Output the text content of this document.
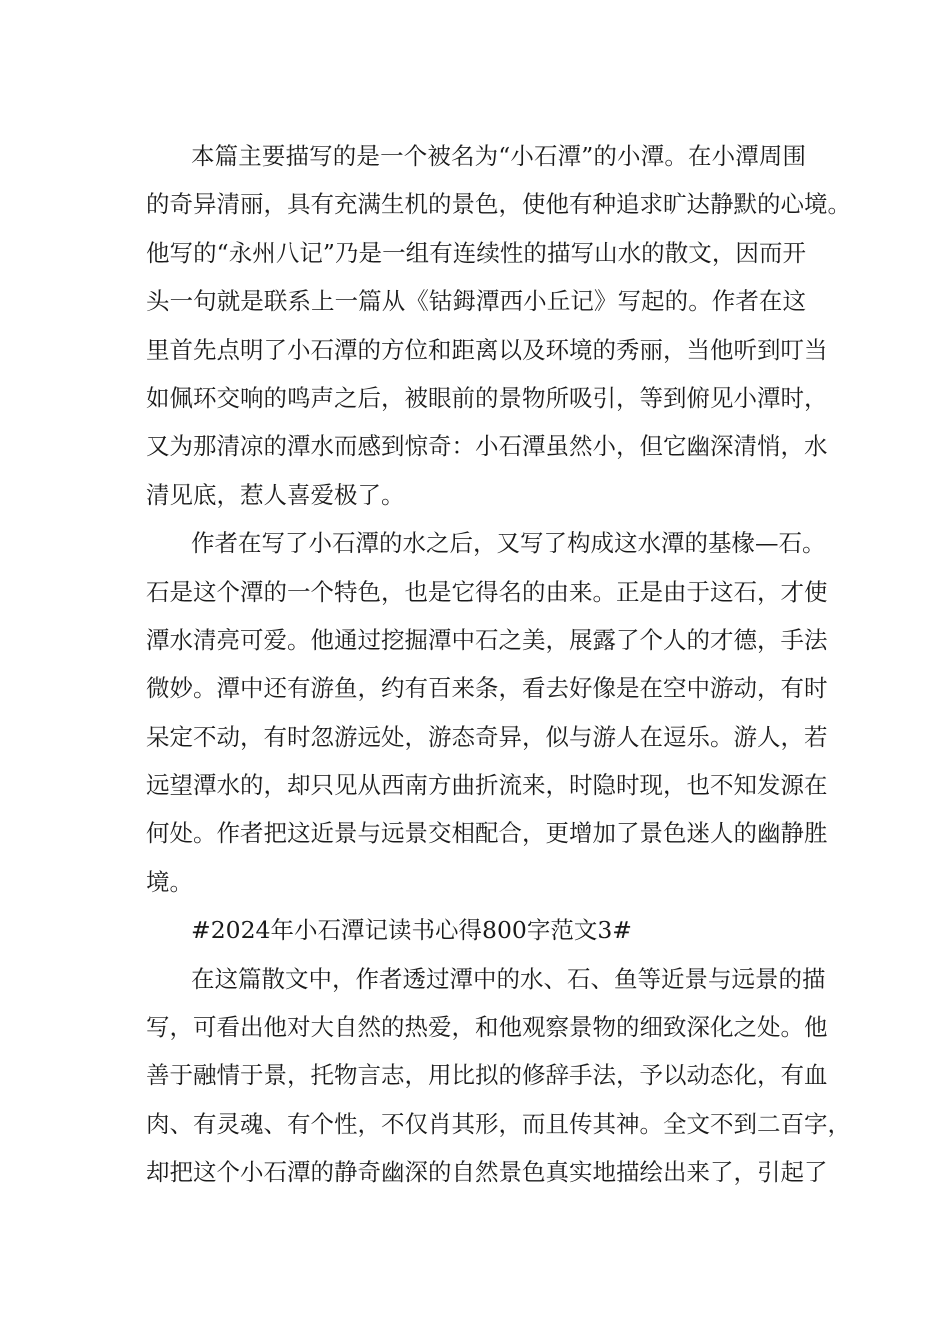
本篇主要描写的是一个被名为“小石潭”的小潭。在小潭周围
的奇异清丽，具有充满生机的景色，使他有种追求旷达静默的心境。
他写的“永州八记”乃是一组有连续性的描写山水的散文，因而开
头一句就是联系上一篇从《钴鉧潭西小丘记》写起的。作者在这
里首先点明了小石潭的方位和距离以及环境的秀丽，当他听到叮当
如佩环交响的鸣声之后，被眼前的景物所吸引，等到俯见小潭时，
又为那清凉的潭水而感到惊奇：小石潭虽然小，但它幽深清悄，水
清见底，惹人喜爱极了。
作者在写了小石潭的水之后，又写了构成这水潭的基椽—石。
石是这个潭的一个特色，也是它得名的由来。正是由于这石，才使
潭水清亮可爱。他通过挖掘潭中石之美，展露了个人的才德，手法
微妙。潭中还有游鱼，约有百来条，看去好像是在空中游动，有时
呆定不动，有时忽游远处，游态奇异，似与游人在逗乐。游人，若
远望潭水的，却只见从西南方曲折流来，时隐时现，也不知发源在
何处。作者把这近景与远景交相配合，更增加了景色迷人的幽静胜
境。
#2024年小石潭记读书心得800字范文3#
在这篇散文中，作者透过潭中的水、石、鱼等近景与远景的描
写，可看出他对大自然的热爱，和他观察景物的细致深化之处。他
善于融情于景，托物言志，用比拟的修辞手法，予以动态化，有血
肉、有灵魂、有个性，不仅肖其形，而且传其神。全文不到二百字，
却把这个小石潭的静奇幽深的自然景色真实地描绘出来了，引起了
